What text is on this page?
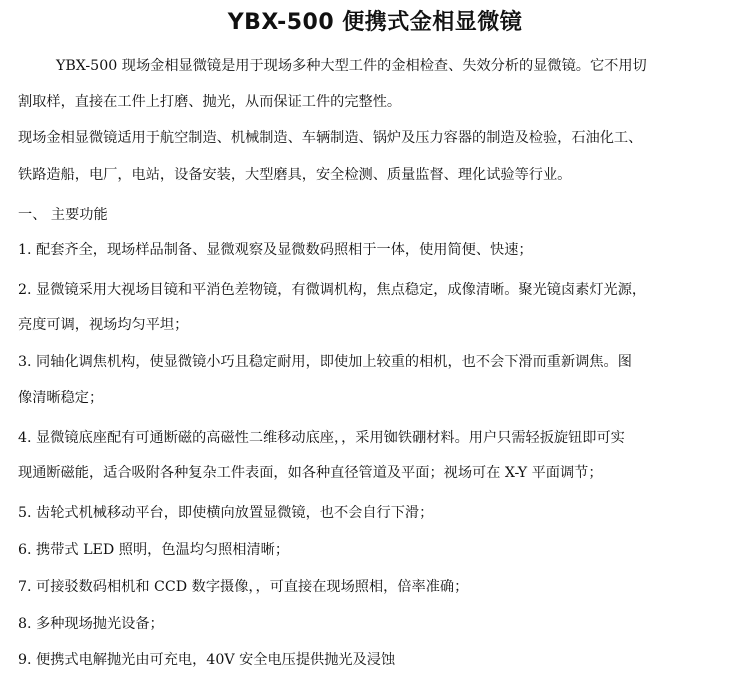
YBX-500 便携式金相显微镜
YBX-500 现场金相显微镜是用于现场多种大型工件的金相检查、失效分析的显微镜。它不用切
割取样，直接在工件上打磨、抛光，从而保证工件的完整性。
现场金相显微镜适用于航空制造、机械制造、车辆制造、锅炉及压力容器的制造及检验，石油化工、
铁路造船，电厂，电站，设备安装，大型磨具，安全检测、质量监督、理化试验等行业。
一、 主要功能
1. 配套齐全，现场样品制备、显微观察及显微数码照相于一体，使用简便、快速；
2. 显微镜采用大视场目镜和平消色差物镜，有微调机构，焦点稳定，成像清晰。聚光镜卤素灯光源，
亮度可调，视场均匀平坦；
3. 同轴化调焦机构，使显微镜小巧且稳定耐用，即使加上较重的相机，也不会下滑而重新调焦。图
像清晰稳定；
4. 显微镜底座配有可通断磁的高磁性二维移动底座，，采用铷铁硼材料。用户只需轻扳旋钮即可实
现通断磁能，适合吸附各种复杂工件表面，如各种直径管道及平面；视场可在 X-Y 平面调节；
5. 齿轮式机械移动平台，即使横向放置显微镜，也不会自行下滑；
6. 携带式 LED 照明，色温均匀照相清晰；
7. 可接驳数码相机和 CCD 数字摄像，，可直接在现场照相，倍率准确；
8. 多种现场抛光设备；
9. 便携式电解抛光由可充电，40V 安全电压提供抛光及浸蚀
